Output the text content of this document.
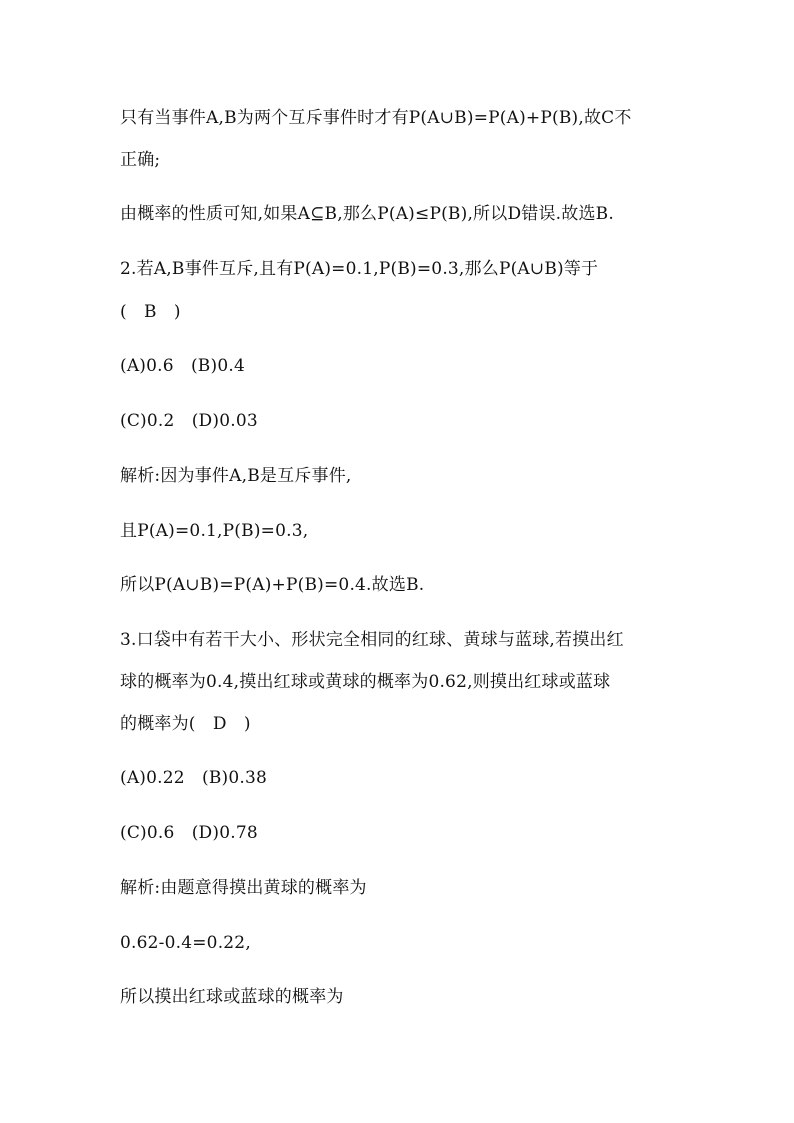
只有当事件A,B为两个互斥事件时才有P(A∪B)=P(A)+P(B),故C不
正确;
由概率的性质可知,如果A⊆B,那么P(A)≤P(B),所以D错误.故选B.
2.若A,B事件互斥,且有P(A)=0.1,P(B)=0.3,那么P(A∪B)等于
(　B　)
(A)0.6　(B)0.4
(C)0.2　(D)0.03
解析:因为事件A,B是互斥事件,
且P(A)=0.1,P(B)=0.3,
所以P(A∪B)=P(A)+P(B)=0.4.故选B.
3.口袋中有若干大小、形状完全相同的红球、黄球与蓝球,若摸出红
球的概率为0.4,摸出红球或黄球的概率为0.62,则摸出红球或蓝球
的概率为(　D　)
(A)0.22　(B)0.38
(C)0.6　(D)0.78
解析:由题意得摸出黄球的概率为
0.62-0.4=0.22,
所以摸出红球或蓝球的概率为
